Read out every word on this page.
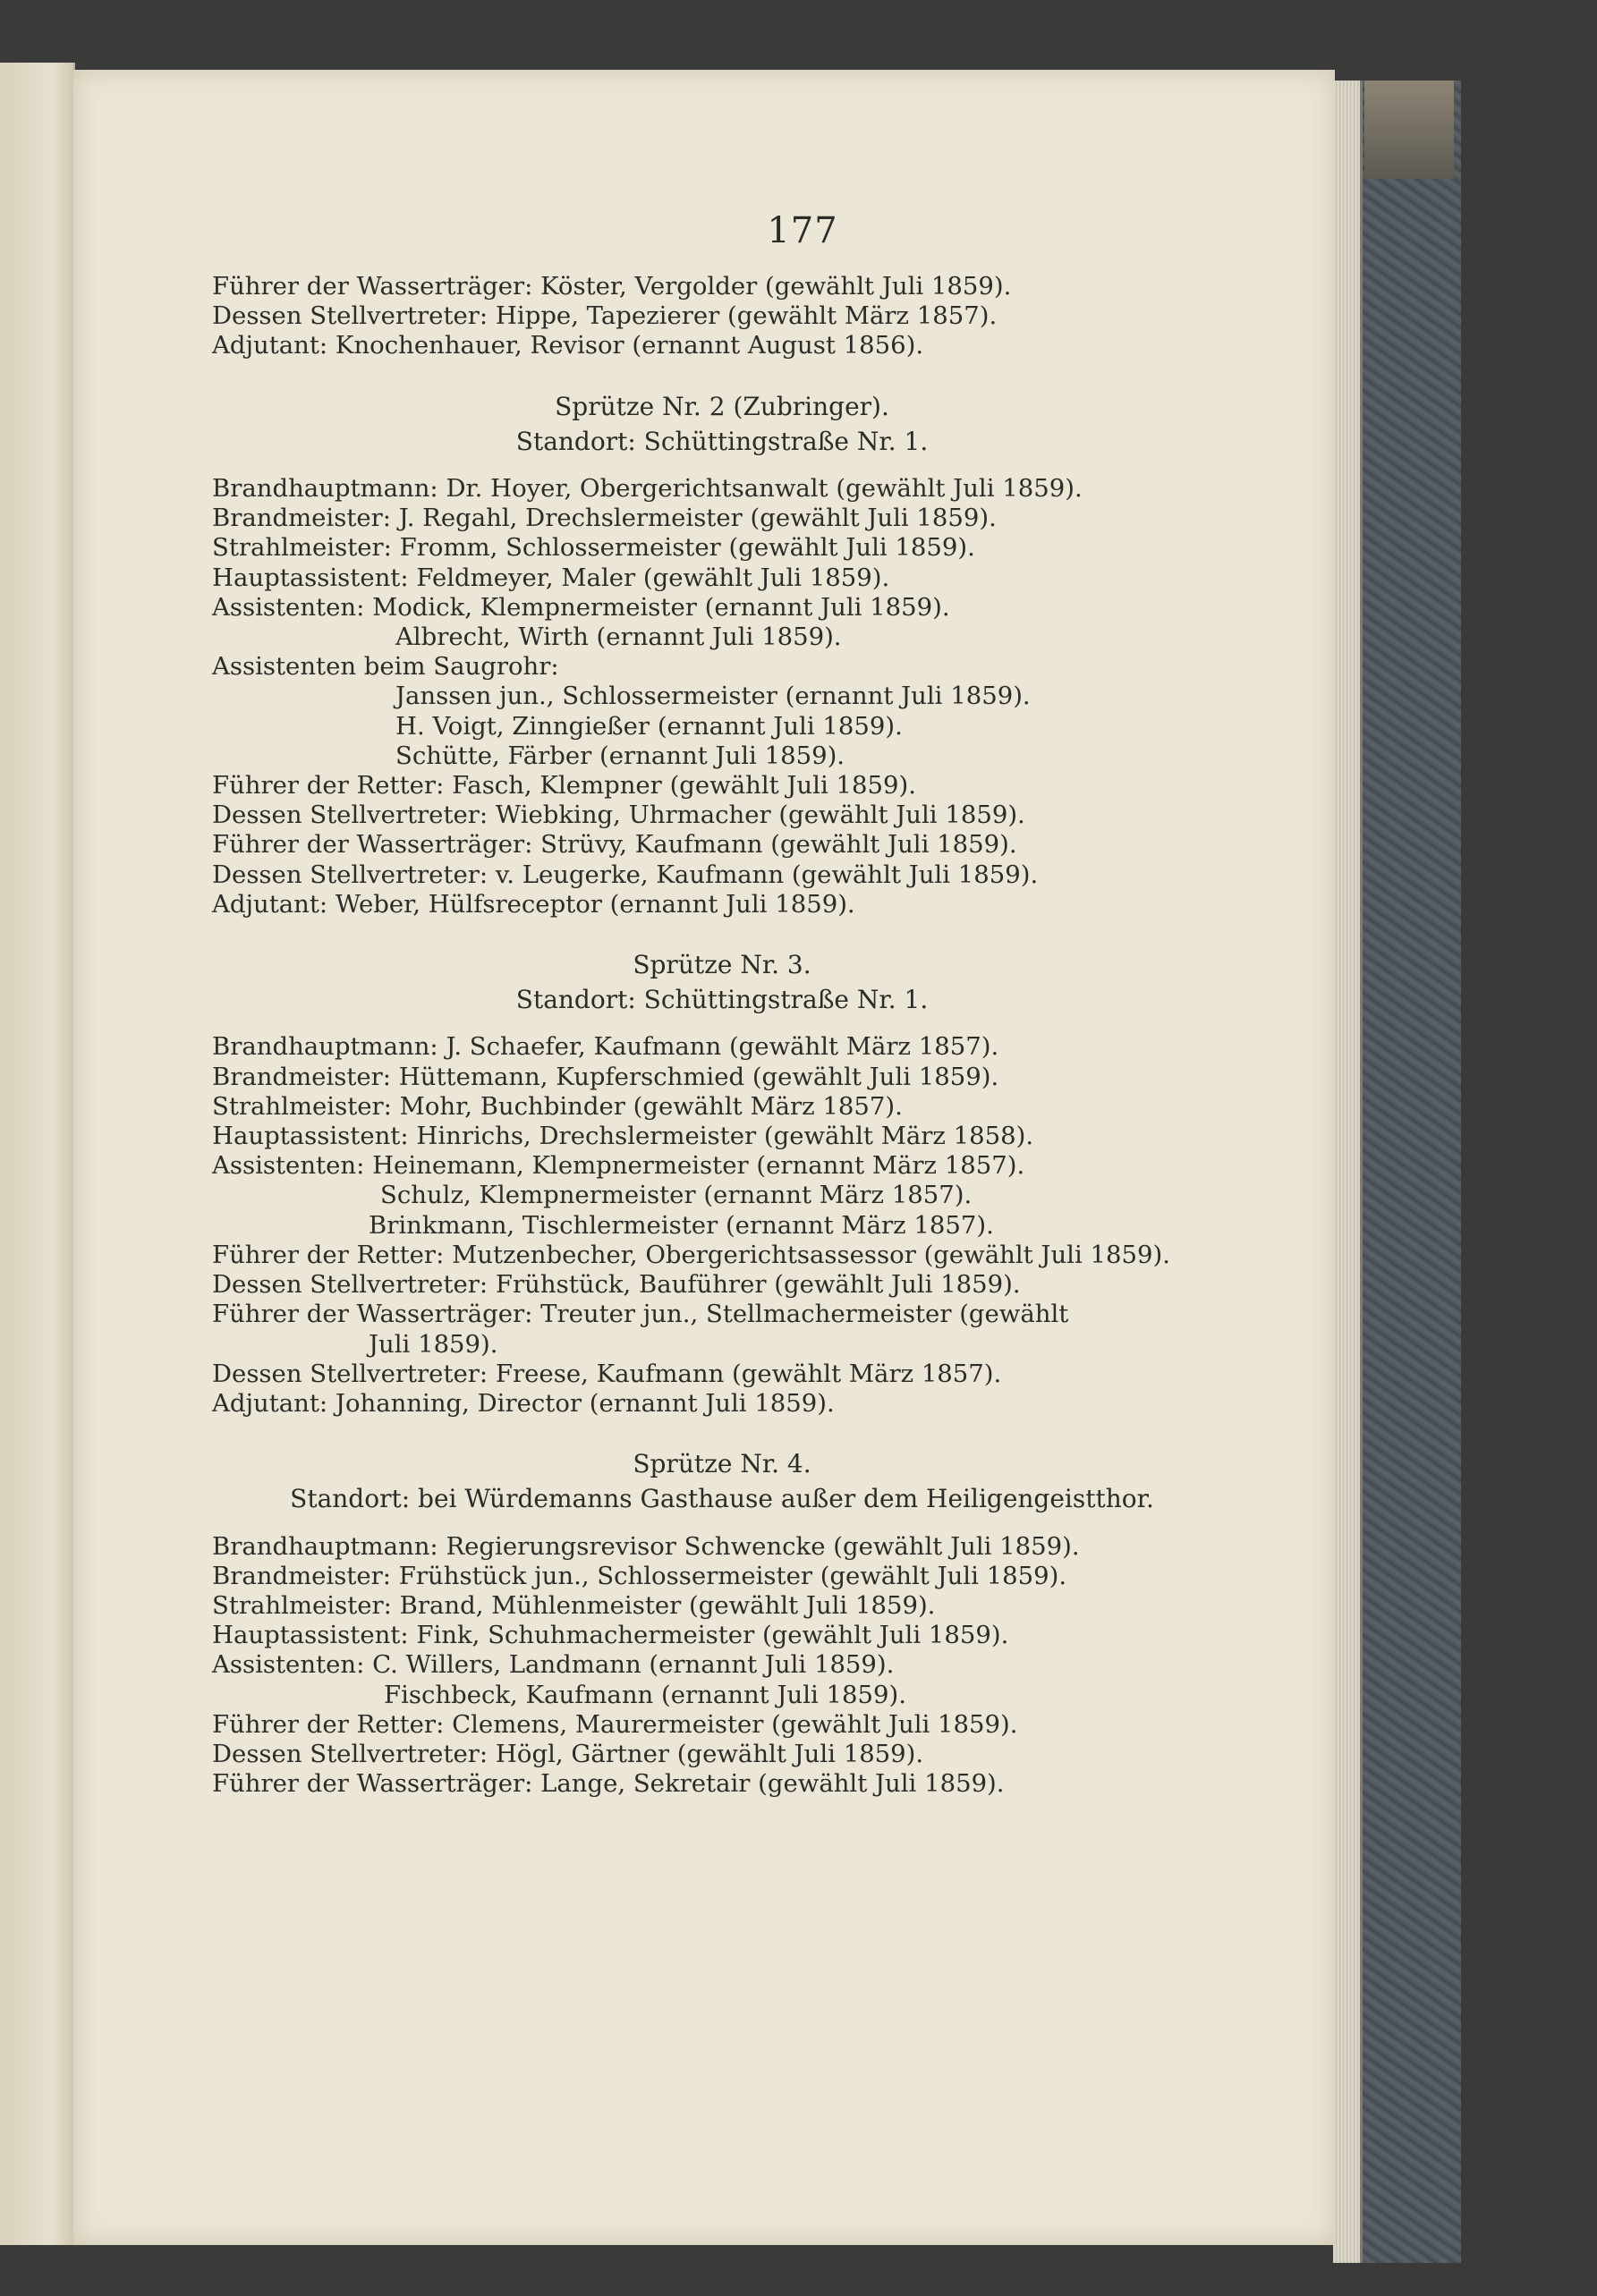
177
Führer der Wasserträger: Köster, Vergolder (gewählt Juli 1859).
Dessen Stellvertreter: Hippe, Tapezierer (gewählt März 1857).
Adjutant: Knochenhauer, Revisor (ernannt August 1856).
Sprütze Nr. 2 (Zubringer).
Standort: Schüttingstraße Nr. 1.
Brandhauptmann: Dr. Hoyer, Obergerichtsanwalt (gewählt Juli 1859).
Brandmeister: J. Regahl, Drechslermeister (gewählt Juli 1859).
Strahlmeister: Fromm, Schlossermeister (gewählt Juli 1859).
Hauptassistent: Feldmeyer, Maler (gewählt Juli 1859).
Assistenten: Modick, Klempnermeister (ernannt Juli 1859).
Albrecht, Wirth (ernannt Juli 1859).
Assistenten beim Saugrohr:
Janssen jun., Schlossermeister (ernannt Juli 1859).
H. Voigt, Zinngießer (ernannt Juli 1859).
Schütte, Färber (ernannt Juli 1859).
Führer der Retter: Fasch, Klempner (gewählt Juli 1859).
Dessen Stellvertreter: Wiebking, Uhrmacher (gewählt Juli 1859).
Führer der Wasserträger: Strüvy, Kaufmann (gewählt Juli 1859).
Dessen Stellvertreter: v. Leugerke, Kaufmann (gewählt Juli 1859).
Adjutant: Weber, Hülfsreceptor (ernannt Juli 1859).
Sprütze Nr. 3.
Standort: Schüttingstraße Nr. 1.
Brandhauptmann: J. Schaefer, Kaufmann (gewählt März 1857).
Brandmeister: Hüttemann, Kupferschmied (gewählt Juli 1859).
Strahlmeister: Mohr, Buchbinder (gewählt März 1857).
Hauptassistent: Hinrichs, Drechslermeister (gewählt März 1858).
Assistenten: Heinemann, Klempnermeister (ernannt März 1857).
Schulz, Klempnermeister (ernannt März 1857).
Brinkmann, Tischlermeister (ernannt März 1857).
Führer der Retter: Mutzenbecher, Obergerichtsassessor (gewählt Juli 1859).
Dessen Stellvertreter: Frühstück, Bauführer (gewählt Juli 1859).
Führer der Wasserträger: Treuter jun., Stellmachermeister (gewählt
Juli 1859).
Dessen Stellvertreter: Freese, Kaufmann (gewählt März 1857).
Adjutant: Johanning, Director (ernannt Juli 1859).
Sprütze Nr. 4.
Standort: bei Würdemanns Gasthause außer dem Heiligengeistthor.
Brandhauptmann: Regierungsrevisor Schwencke (gewählt Juli 1859).
Brandmeister: Frühstück jun., Schlossermeister (gewählt Juli 1859).
Strahlmeister: Brand, Mühlenmeister (gewählt Juli 1859).
Hauptassistent: Fink, Schuhmachermeister (gewählt Juli 1859).
Assistenten: C. Willers, Landmann (ernannt Juli 1859).
Fischbeck, Kaufmann (ernannt Juli 1859).
Führer der Retter: Clemens, Maurermeister (gewählt Juli 1859).
Dessen Stellvertreter: Högl, Gärtner (gewählt Juli 1859).
Führer der Wasserträger: Lange, Sekretair (gewählt Juli 1859).
